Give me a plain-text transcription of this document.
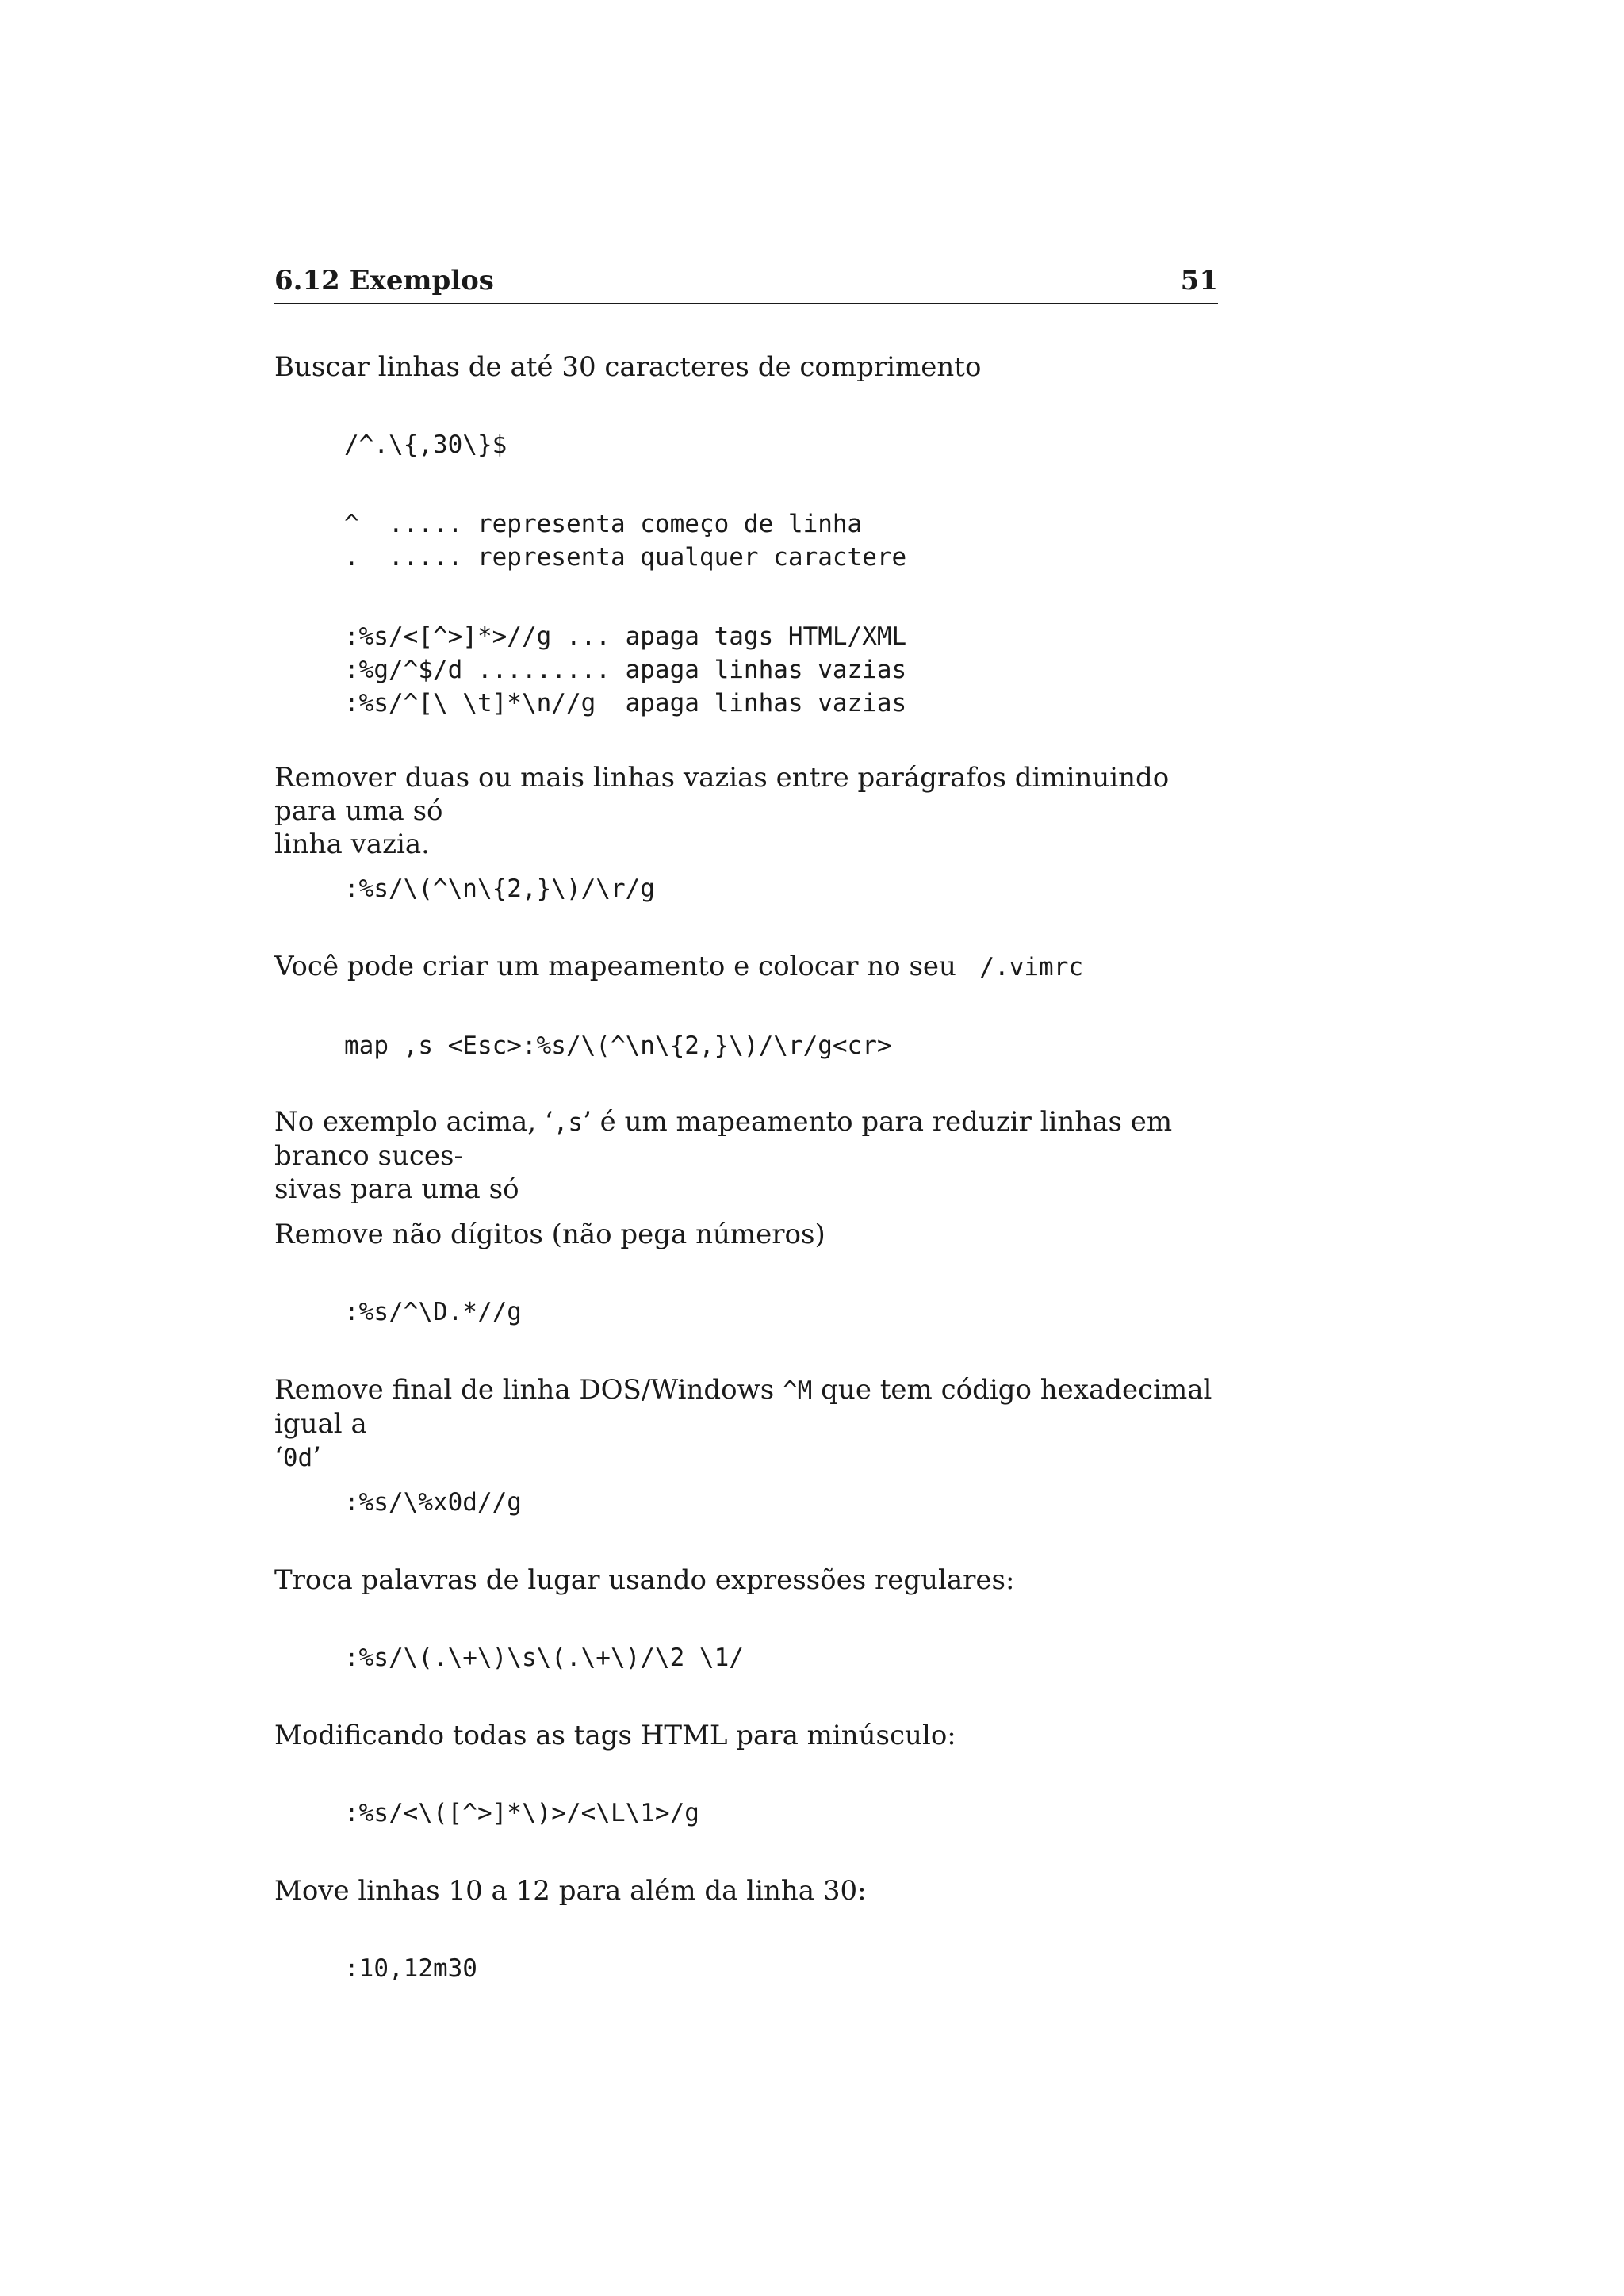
6.12 Exemplos	51

Buscar linhas de até 30 caracteres de comprimento

/^.\{,30\}$
^  ..... representa começo de linha
.  ..... representa qualquer caractere
:%s/<[^>]*>//g ... apaga tags HTML/XML
:%g/^$/d ......... apaga linhas vazias
:%s/^[\ \t]*\n//g  apaga linhas vazias

Remover duas ou mais linhas vazias entre parágrafos diminuindo para uma só
linha vazia.

:%s/\(^\n\{2,}\)/\r/g

Você pode criar um mapeamento e colocar no seu  /.vimrc

map ,s <Esc>:%s/\(^\n\{2,}\)/\r/g<cr>

No exemplo acima, ‘,s’ é um mapeamento para reduzir linhas em branco suces-
sivas para uma só

Remove não dígitos (não pega números)

:%s/^\D.*//g

Remove final de linha DOS/Windows ^M que tem código hexadecimal igual a
‘0d’

:%s/\%x0d//g

Troca palavras de lugar usando expressões regulares:

:%s/\(.\+\)\s\(.\+\)/\2 \1/

Modificando todas as tags HTML para minúsculo:

:%s/<\([^>]*\)>/<\L\1>/g

Move linhas 10 a 12 para além da linha 30:

:10,12m30
